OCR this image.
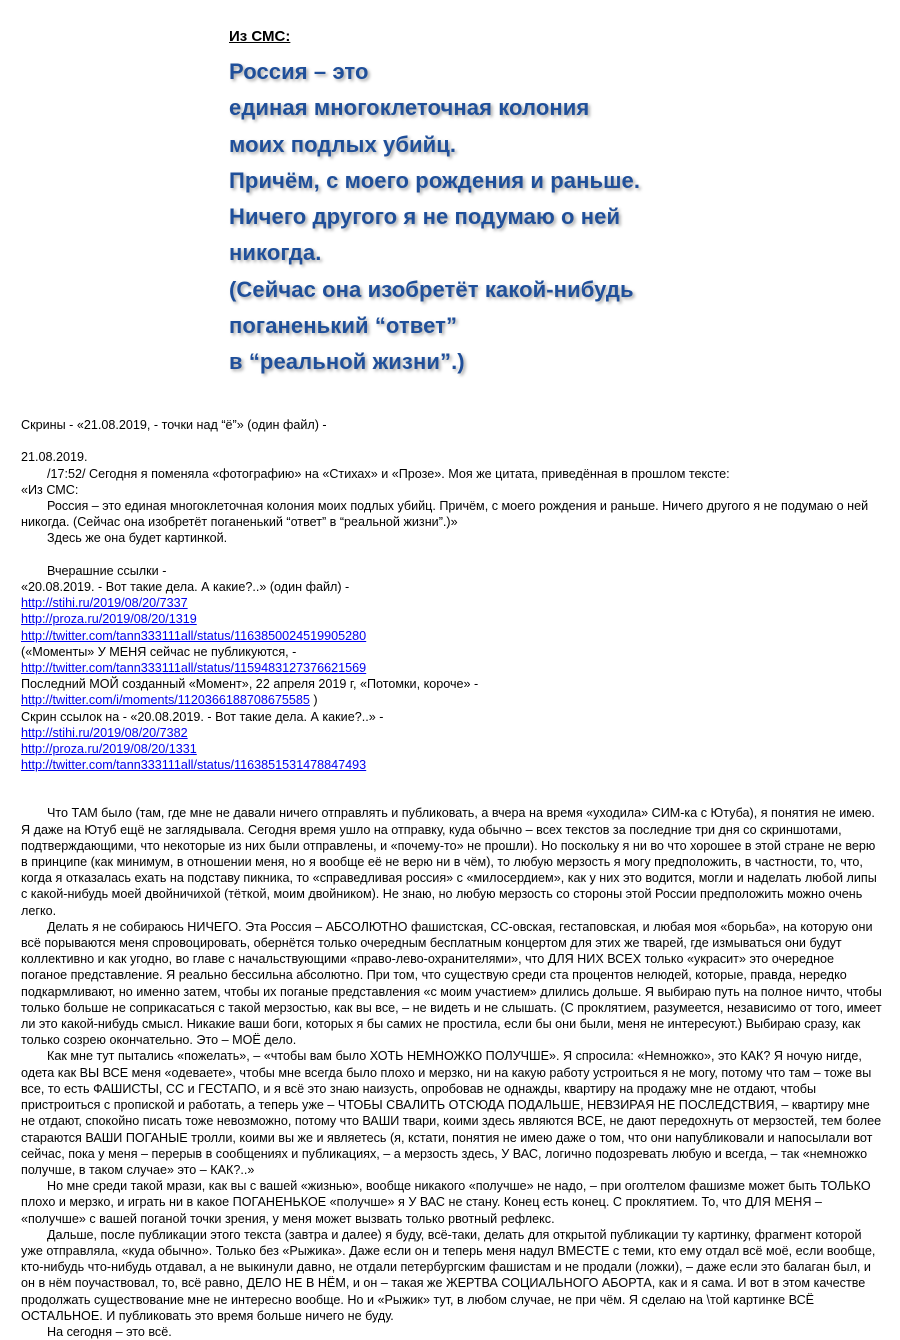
Из СМС:
Россия – это
единая многоклеточная колония
моих подлых убийц.
Причём, с моего рождения и раньше.
Ничего другого я не подумаю о ней
никогда.
(Сейчас она изобретёт какой-нибудь
поганенький “ответ”
в “реальной жизни”.)

Скрины - «21.08.2019, - точки над “ё”» (один файл) -

21.08.2019.

/17:52/ Сегодня я поменяла «фотографию» на «Стихах» и «Прозе». Моя же цитата, приведённая в прошлом тексте:

«Из СМС:

Россия – это единая многоклеточная колония моих подлых убийц. Причём, с моего рождения и раньше. Ничего другого я не подумаю о ней никогда. (Сейчас она изобретёт поганенький “ответ” в “реальной жизни”.)»

Здесь же она будет картинкой.

Вчерашние ссылки -

«20.08.2019. - Вот такие дела. А какие?..» (один файл) -

http://stihi.ru/2019/08/20/7337

http://proza.ru/2019/08/20/1319

http://twitter.com/tann333111all/status/1163850024519905280

(«Моменты» У МЕНЯ сейчас не публикуются, -

http://twitter.com/tann333111all/status/1159483127376621569

Последний МОЙ созданный «Момент», 22 апреля 2019 г, «Потомки, короче» -

http://twitter.com/i/moments/1120366188708675585 )

Скрин ссылок на - «20.08.2019. - Вот такие дела. А какие?..» -

http://stihi.ru/2019/08/20/7382

http://proza.ru/2019/08/20/1331

http://twitter.com/tann333111all/status/1163851531478847493

Что ТАМ было (там, где мне не давали ничего отправлять и публиковать, а вчера на время «уходила» СИМ-ка с Ютуба), я понятия не имею. Я даже на Ютуб ещё не заглядывала. Сегодня время ушло на отправку, куда обычно – всех текстов за последние три дня со скриншотами, подтверждающими, что некоторые из них были отправлены, и «почему-то» не прошли). Но поскольку я ни во что хорошее в этой стране не верю в принципе (как минимум, в отношении меня, но я вообще её не верю ни в чём), то любую мерзость я могу предположить, в частности, то, что, когда я отказалась ехать на подставу пикника, то «справедливая россия» с «милосердием», как у них это водится, могли и наделать любой липы с какой-нибудь моей двойничихой (тёткой, моим двойником). Не знаю, но любую мерзость со стороны этой России предположить можно очень легко.

Делать я не собираюсь НИЧЕГО. Эта Россия – АБСОЛЮТНО фашистская, СС-овская, гестаповская, и любая моя «борьба», на которую они всё порываются меня спровоцировать, обернётся только очередным бесплатным концертом для этих же тварей, где измываться они будут коллективно и как угодно, во главе с начальствующими «право-лево-охранителями», что ДЛЯ НИХ ВСЕХ только «украсит» это очередное поганое представление. Я реально бессильна абсолютно. При том, что существую среди ста процентов нелюдей, которые, правда, нередко подкармливают, но именно затем, чтобы их поганые представления «с моим участием» длились дольше. Я выбираю путь на полное ничто, чтобы только больше не соприкасаться с такой мерзостью, как вы все, – не видеть и не слышать. (С проклятием, разумеется, независимо от того, имеет ли это какой-нибудь смысл. Никакие ваши боги, которых я бы самих не простила, если бы они были, меня не интересуют.) Выбираю сразу, как только созрею окончательно. Это – МОЁ дело.

Как мне тут пытались «пожелать», – «чтобы вам было ХОТЬ НЕМНОЖКО ПОЛУЧШЕ». Я спросила: «Немножко», это КАК? Я ночую нигде, одета как ВЫ ВСЕ меня «одеваете», чтобы мне всегда было плохо и мерзко, ни на какую работу устроиться я не могу, потому что там – тоже вы все, то есть ФАШИСТЫ, СС и ГЕСТАПО, и я всё это знаю наизусть, опробовав не однажды, квартиру на продажу мне не отдают, чтобы пристроиться с пропиской и работать, а теперь уже – ЧТОБЫ СВАЛИТЬ ОТСЮДА ПОДАЛЬШЕ, НЕВЗИРАЯ НЕ ПОСЛЕДСТВИЯ, – квартиру мне не отдают, спокойно писать тоже невозможно, потому что ВАШИ твари, коими здесь являются ВСЕ, не дают передохнуть от мерзостей, тем более стараются ВАШИ ПОГАНЫЕ тролли, коими вы же и являетесь (я, кстати, понятия не имею даже о том, что они напубликовали и напосылали вот сейчас, пока у меня – перерыв в сообщениях и публикациях, – а мерзость здесь, У ВАС, логично подозревать любую и всегда, – так «немножко получше, в таком случае» это – КАК?..»

Но мне среди такой мрази, как вы с вашей «жизнью», вообще никакого «получше» не надо, – при оголтелом фашизме может быть ТОЛЬКО плохо и мерзко, и играть ни в какое ПОГАНЕНЬКОЕ «получше» я У ВАС не стану. Конец есть конец. С проклятием. То, что ДЛЯ МЕНЯ – «получше» с вашей поганой точки зрения, у меня может вызвать только рвотный рефлекс.

Дальше, после публикации этого текста (завтра и далее) я буду, всё-таки, делать для открытой публикации ту картинку, фрагмент которой уже отправляла, «куда обычно». Только без «Рыжика». Даже если он и теперь меня надул ВМЕСТЕ с теми, кто ему отдал всё моё, если вообще, кто-нибудь что-нибудь отдавал, а не выкинули давно, не отдали петербургским фашистам и не продали (ложки), – даже если это балаган был, и он в нём поучаствовал, то, всё равно, ДЕЛО НЕ В НЁМ, и он – такая же ЖЕРТВА СОЦИАЛЬНОГО АБОРТА, как и я сама. И вот в этом качестве продолжать существование мне не интересно вообще. Но и «Рыжик» тут, в любом случае, не при чём. Я сделаю на \той картинке ВСЁ ОСТАЛЬНОЕ. И публиковать это время больше ничего не буду.

На сегодня – это всё.
